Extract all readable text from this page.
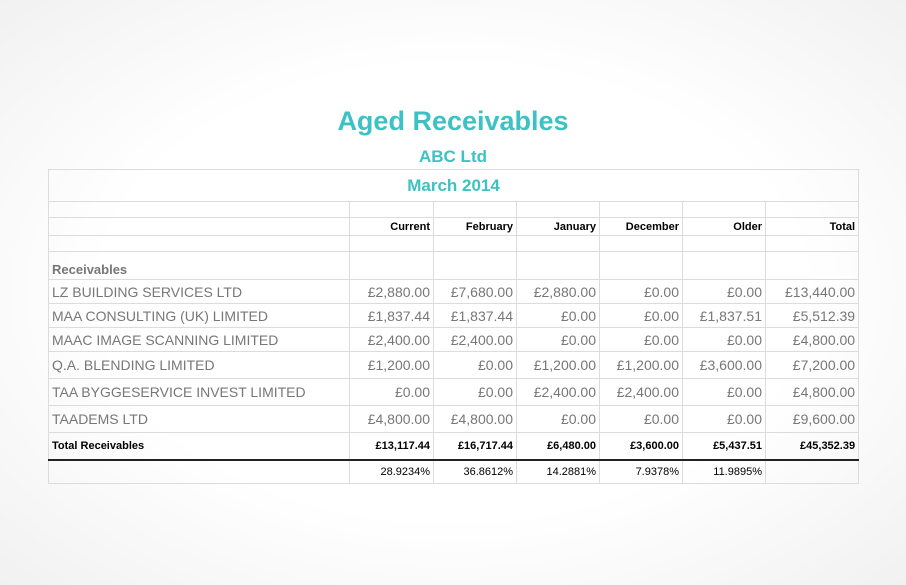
Aged Receivables
ABC Ltd
March 2014						

	Current	February	January	December	Older	Total

Receivables						
LZ BUILDING SERVICES LTD	£2,880.00	£7,680.00	£2,880.00	£0.00	£0.00	£13,440.00
MAA CONSULTING (UK) LIMITED	£1,837.44	£1,837.44	£0.00	£0.00	£1,837.51	£5,512.39
MAAC IMAGE SCANNING LIMITED	£2,400.00	£2,400.00	£0.00	£0.00	£0.00	£4,800.00
Q.A. BLENDING LIMITED	£1,200.00	£0.00	£1,200.00	£1,200.00	£3,600.00	£7,200.00
TAA BYGGESERVICE INVEST LIMITED	£0.00	£0.00	£2,400.00	£2,400.00	£0.00	£4,800.00
TAADEMS LTD	£4,800.00	£4,800.00	£0.00	£0.00	£0.00	£9,600.00
Total Receivables	£13,117.44	£16,717.44	£6,480.00	£3,600.00	£5,437.51	£45,352.39
	28.9234%	36.8612%	14.2881%	7.9378%	11.9895%	
